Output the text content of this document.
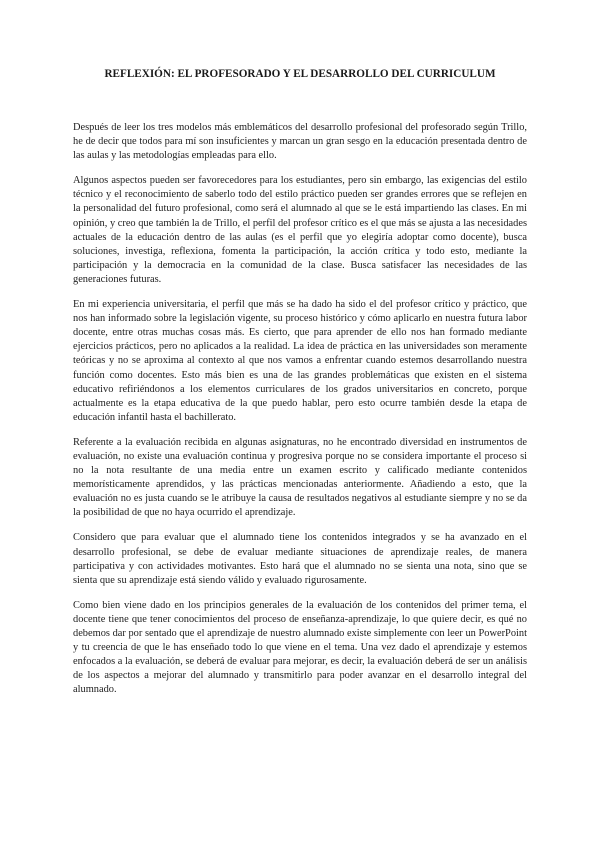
REFLEXIÓN: EL PROFESORADO Y EL DESARROLLO DEL CURRICULUM

Después de leer los tres modelos más emblemáticos del desarrollo profesional del profesorado según Trillo, he de decir que todos para mí son insuficientes y marcan un gran sesgo en la educación presentada dentro de las aulas y las metodologías empleadas para ello.

Algunos aspectos pueden ser favorecedores para los estudiantes, pero sin embargo, las exigencias del estilo técnico y el reconocimiento de saberlo todo del estilo práctico pueden ser grandes errores que se reflejen en la personalidad del futuro profesional, como será el alumnado al que se le está impartiendo las clases. En mi opinión, y creo que también la de Trillo, el perfil del profesor crítico es el que más se ajusta a las necesidades actuales de la educación dentro de las aulas (es el perfil que yo elegiría adoptar como docente), busca soluciones, investiga, reflexiona, fomenta la participación, la acción crítica y todo esto, mediante la participación y la democracia en la comunidad de la clase. Busca satisfacer las necesidades de las generaciones futuras.

En mi experiencia universitaria, el perfil que más se ha dado ha sido el del profesor crítico y práctico, que nos han informado sobre la legislación vigente, su proceso histórico y cómo aplicarlo en nuestra futura labor docente, entre otras muchas cosas más. Es cierto, que para aprender de ello nos han formado mediante ejercicios prácticos, pero no aplicados a la realidad. La idea de práctica en las universidades son meramente teóricas y no se aproxima al contexto al que nos vamos a enfrentar cuando estemos desarrollando nuestra función como docentes. Esto más bien es una de las grandes problemáticas que existen en el sistema educativo refiriéndonos a los elementos curriculares de los grados universitarios en concreto, porque actualmente es la etapa educativa de la que puedo hablar, pero esto ocurre también desde la etapa de educación infantil hasta el bachillerato.

Referente a la evaluación recibida en algunas asignaturas, no he encontrado diversidad en instrumentos de evaluación, no existe una evaluación continua y progresiva porque no se considera importante el proceso si no la nota resultante de una media entre un examen escrito y calificado mediante contenidos memorísticamente aprendidos, y las prácticas mencionadas anteriormente. Añadiendo a esto, que la evaluación no es justa cuando se le atribuye la causa de resultados negativos al estudiante siempre y no se da la posibilidad de que no haya ocurrido el aprendizaje.

Considero que para evaluar que el alumnado tiene los contenidos integrados y se ha avanzado en el desarrollo profesional, se debe de evaluar mediante situaciones de aprendizaje reales, de manera participativa y con actividades motivantes. Esto hará que el alumnado no se sienta una nota, sino que se sienta que su aprendizaje está siendo válido y evaluado rigurosamente.

Como bien viene dado en los principios generales de la evaluación de los contenidos del primer tema, el docente tiene que tener conocimientos del proceso de enseñanza-aprendizaje, lo que quiere decir, es qué no debemos dar por sentado que el aprendizaje de nuestro alumnado existe simplemente con leer un PowerPoint y tu creencia de que le has enseñado todo lo que viene en el tema. Una vez dado el aprendizaje y estemos enfocados a la evaluación, se deberá de evaluar para mejorar, es decir, la evaluación deberá de ser un análisis de los aspectos a mejorar del alumnado y transmitirlo para poder avanzar en el desarrollo integral del alumnado.
